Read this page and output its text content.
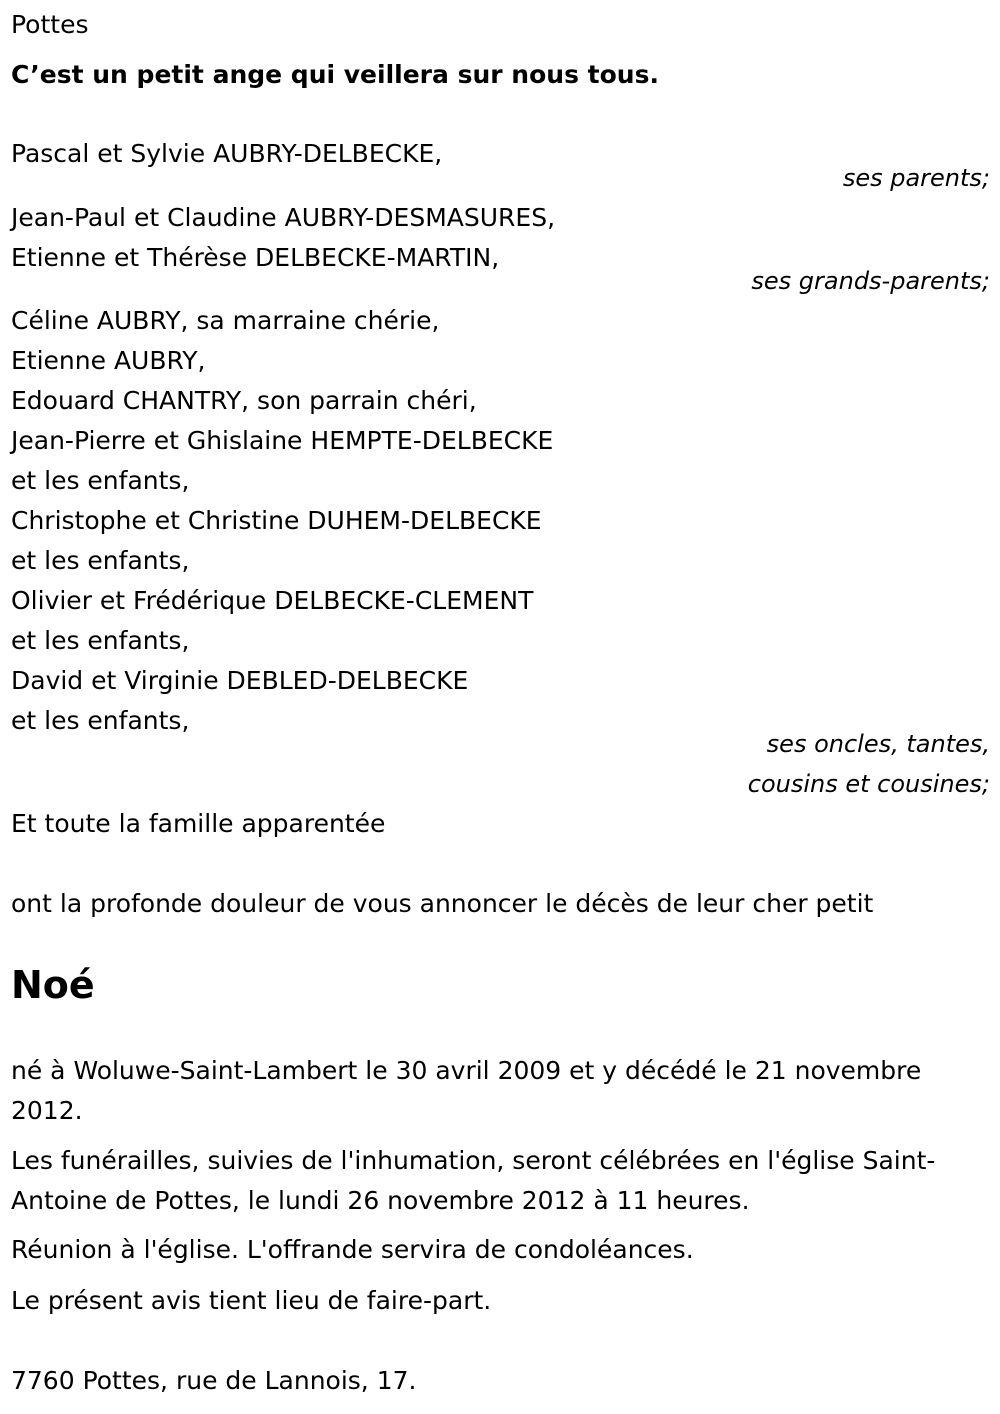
Pottes
C’est un petit ange qui veillera sur nous tous.
Pascal et Sylvie AUBRY-DELBECKE,
ses parents;
Jean-Paul et Claudine AUBRY-DESMASURES,
Etienne et Thérèse DELBECKE-MARTIN,
ses grands-parents;
Céline AUBRY, sa marraine chérie,
Etienne AUBRY,
Edouard CHANTRY, son parrain chéri,
Jean-Pierre et Ghislaine HEMPTE-DELBECKE
et les enfants,
Christophe et Christine DUHEM-DELBECKE
et les enfants,
Olivier et Frédérique DELBECKE-CLEMENT
et les enfants,
David et Virginie DEBLED-DELBECKE
et les enfants,
ses oncles, tantes,
cousins et cousines;
Et toute la famille apparentée
ont la profonde douleur de vous annoncer le décès de leur cher petit
Noé
né à Woluwe-Saint-Lambert le 30 avril 2009 et y décédé le 21 novembre
2012.
Les funérailles, suivies de l'inhumation, seront célébrées en l'église Saint-
Antoine de Pottes, le lundi 26 novembre 2012 à 11 heures.
Réunion à l'église. L'offrande servira de condoléances.
Le présent avis tient lieu de faire-part.
7760 Pottes, rue de Lannois, 17.
